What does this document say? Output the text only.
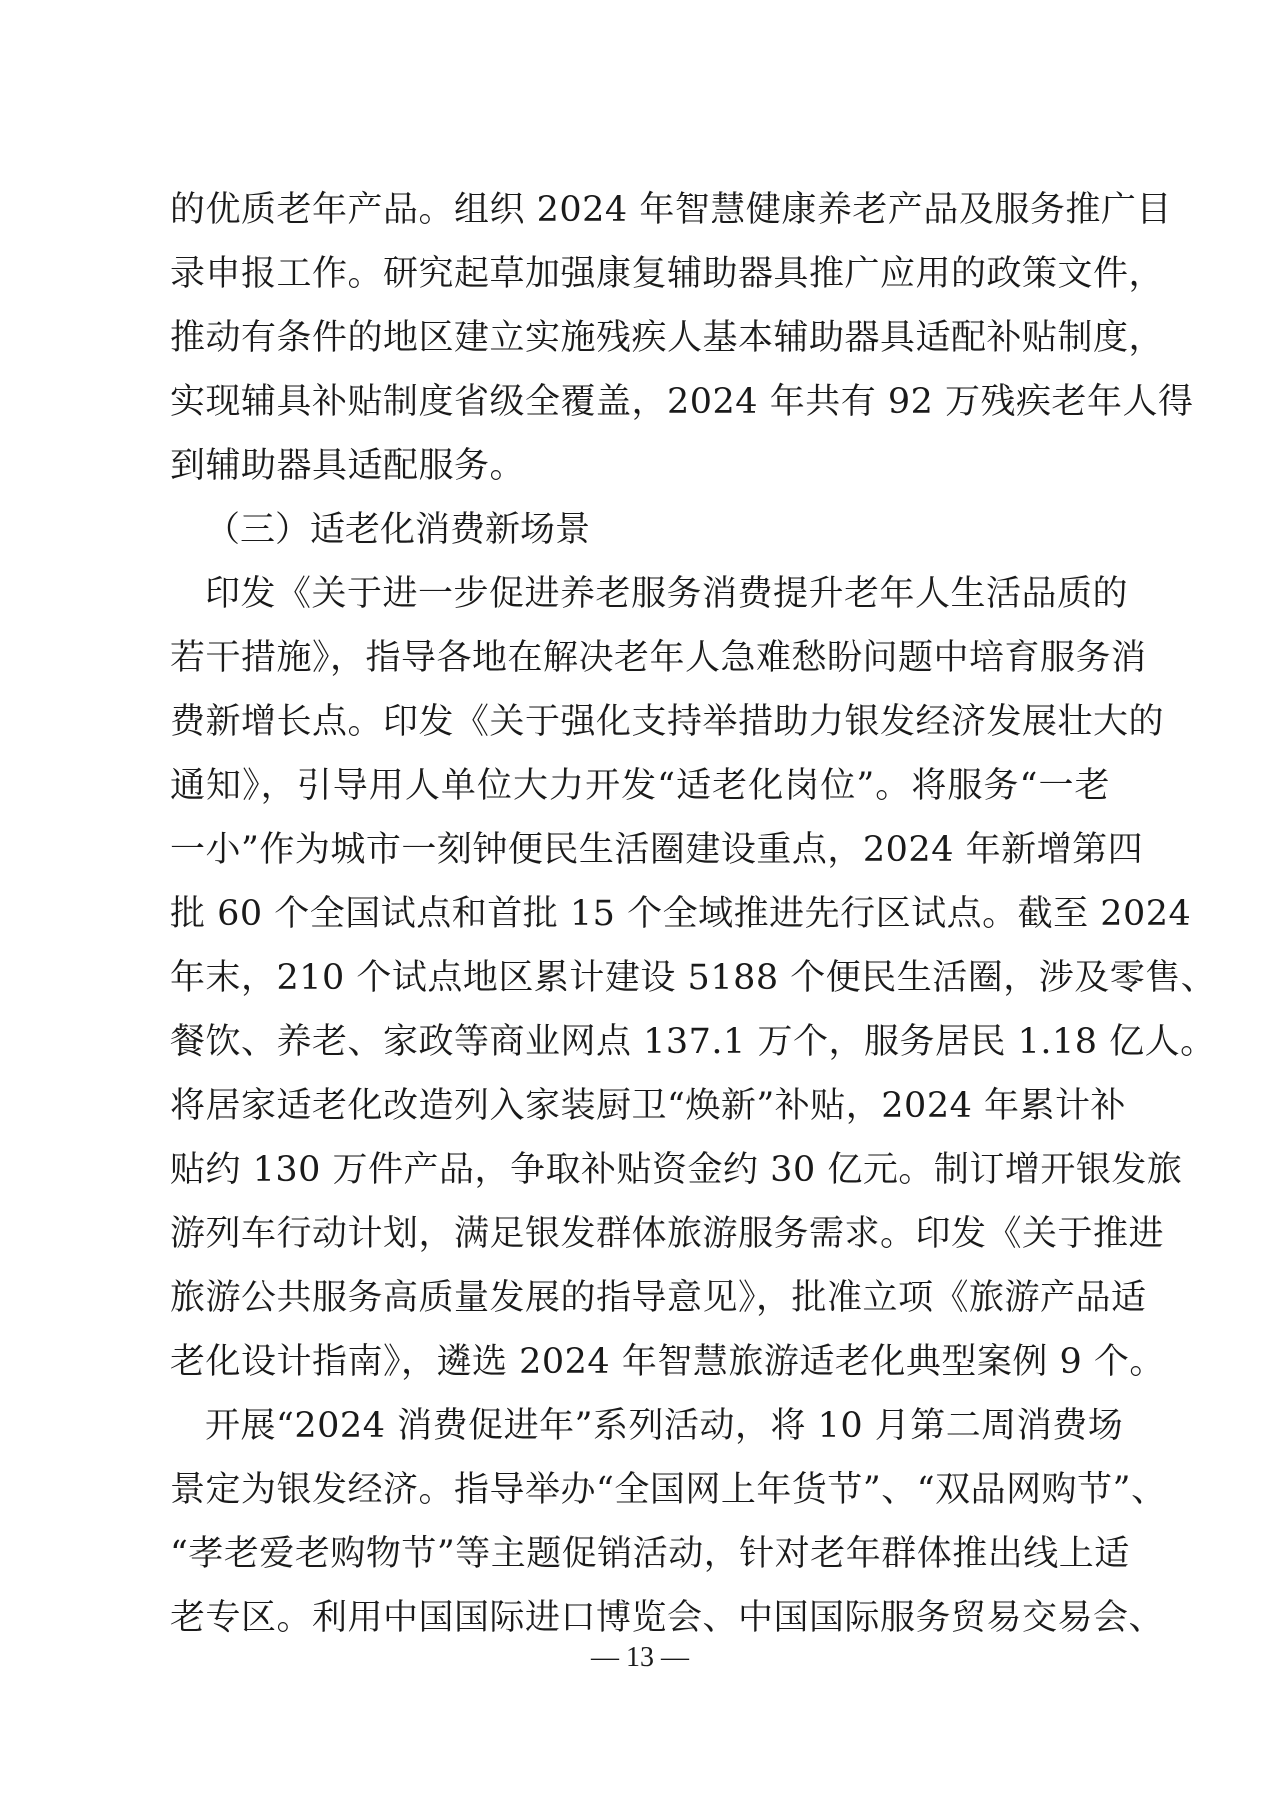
的优质老年产品。组织 2024 年智慧健康养老产品及服务推广目
录申报工作。研究起草加强康复辅助器具推广应用的政策文件，
推动有条件的地区建立实施残疾人基本辅助器具适配补贴制度，
实现辅具补贴制度省级全覆盖，2024 年共有 92 万残疾老年人得
到辅助器具适配服务。
（三）适老化消费新场景
印发《关于进一步促进养老服务消费提升老年人生活品质的
若干措施》，指导各地在解决老年人急难愁盼问题中培育服务消
费新增长点。印发《关于强化支持举措助力银发经济发展壮大的
通知》，引导用人单位大力开发“适老化岗位”。将服务“一老
一小”作为城市一刻钟便民生活圈建设重点，2024 年新增第四
批 60 个全国试点和首批 15 个全域推进先行区试点。截至 2024
年末，210 个试点地区累计建设 5188 个便民生活圈，涉及零售、
餐饮、养老、家政等商业网点 137.1 万个，服务居民 1.18 亿人。
将居家适老化改造列入家装厨卫“焕新”补贴，2024 年累计补
贴约 130 万件产品，争取补贴资金约 30 亿元。制订增开银发旅
游列车行动计划，满足银发群体旅游服务需求。印发《关于推进
旅游公共服务高质量发展的指导意见》，批准立项《旅游产品适
老化设计指南》，遴选 2024 年智慧旅游适老化典型案例 9 个。
开展“2024 消费促进年”系列活动，将 10 月第二周消费场
景定为银发经济。指导举办“全国网上年货节”、“双品网购节”、
“孝老爱老购物节”等主题促销活动，针对老年群体推出线上适
老专区。利用中国国际进口博览会、中国国际服务贸易交易会、
— 13 —
